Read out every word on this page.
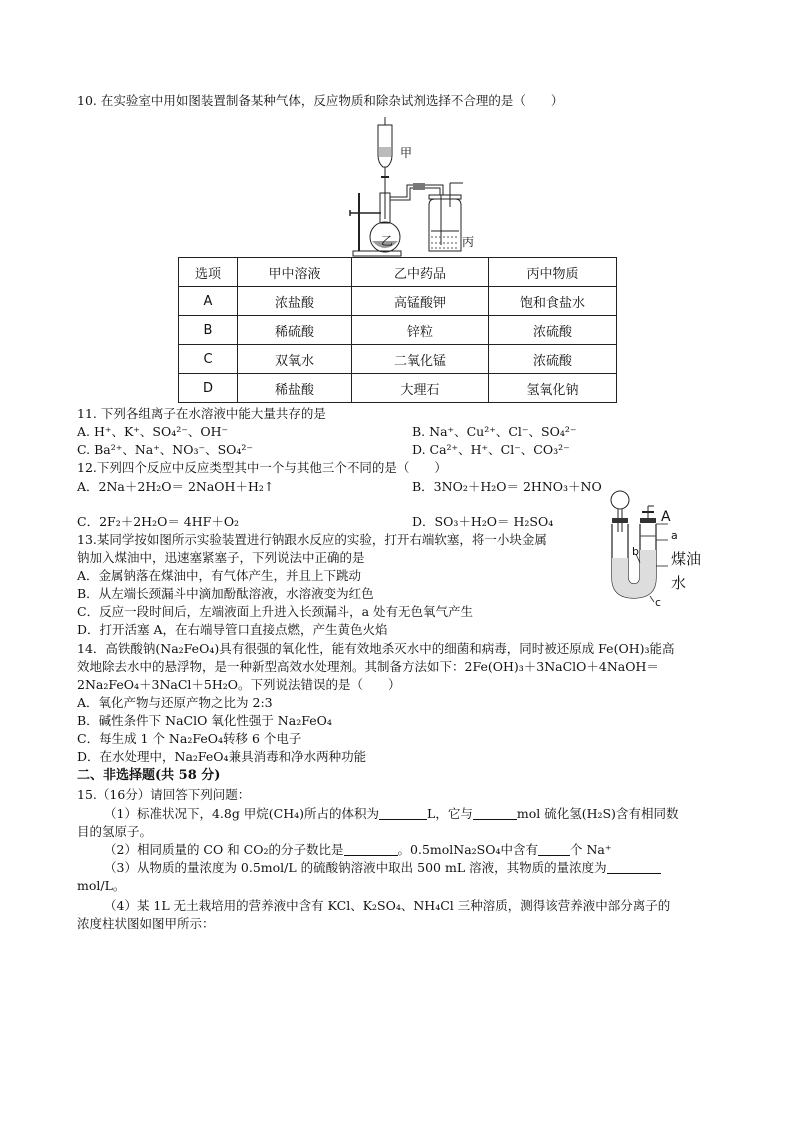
10. 在实验室中用如图装置制备某种气体，反应物质和除杂试剂选择不合理的是（　　）
甲
乙	丙
选项	甲中溶液	乙中药品	丙中物质
A	浓盐酸	高锰酸钾	饱和食盐水
B	稀硫酸	锌粒	浓硫酸
C	双氧水	二氧化锰	浓硫酸
D	稀盐酸	大理石	氢氧化钠
11. 下列各组离子在水溶液中能大量共存的是
A. H⁺、K⁺、SO₄²⁻、OH⁻	B. Na⁺、Cu²⁺、Cl⁻、SO₄²⁻
C. Ba²⁺、Na⁺、NO₃⁻、SO₄²⁻	D. Ca²⁺、H⁺、Cl⁻、CO₃²⁻
12.下列四个反应中反应类型其中一个与其他三个不同的是（　　）
A．2Na＋2H₂O＝ 2NaOH＋H₂↑	B．3NO₂＋H₂O＝ 2HNO₃＋NO
C．2F₂＋2H₂O＝ 4HF＋O₂	D．SO₃＋H₂O＝ H₂SO₄
13.某同学按如图所示实验装置进行钠跟水反应的实验，打开右端软塞，将一小块金属
钠加入煤油中，迅速塞紧塞子，下列说法中正确的是
A．金属钠落在煤油中，有气体产生，并且上下跳动
B．从左端长颈漏斗中滴加酚酞溶液，水溶液变为红色
C．反应一段时间后，左端液面上升进入长颈漏斗，a 处有无色氧气产生
D．打开活塞 A，在右端导管口直接点燃，产生黄色火焰
A
a
b 煤油
水
c
14．高铁酸钠(Na₂FeO₄)具有很强的氧化性，能有效地杀灭水中的细菌和病毒，同时被还原成 Fe(OH)₃能高
效地除去水中的悬浮物，是一种新型高效水处理剂。其制备方法如下：2Fe(OH)₃＋3NaClO＋4NaOH＝
2Na₂FeO₄＋3NaCl＋5H₂O。下列说法错误的是（　　）
A．氧化产物与还原产物之比为 2:3
B．碱性条件下 NaClO 氧化性强于 Na₂FeO₄
C．每生成 1 个 Na₂FeO₄转移 6 个电子
D．在水处理中，Na₂FeO₄兼具消毒和净水两种功能
二、非选择题(共 58 分)
15.（16分）请回答下列问题：
（1）标准状况下，4.8g 甲烷(CH₄)所占的体积为	L，它与	mol 硫化氢(H₂S)含有相同数
目的氢原子。
（2）相同质量的 CO 和 CO₂的分子数比是	。0.5molNa₂SO₄中含有	个 Na⁺
（3）从物质的量浓度为 0.5mol/L 的硫酸钠溶液中取出 500 mL 溶液，其物质的量浓度为
mol/L。
（4）某 1L 无土栽培用的营养液中含有 KCl、K₂SO₄、NH₄Cl 三种溶质，测得该营养液中部分离子的
浓度柱状图如图甲所示：
